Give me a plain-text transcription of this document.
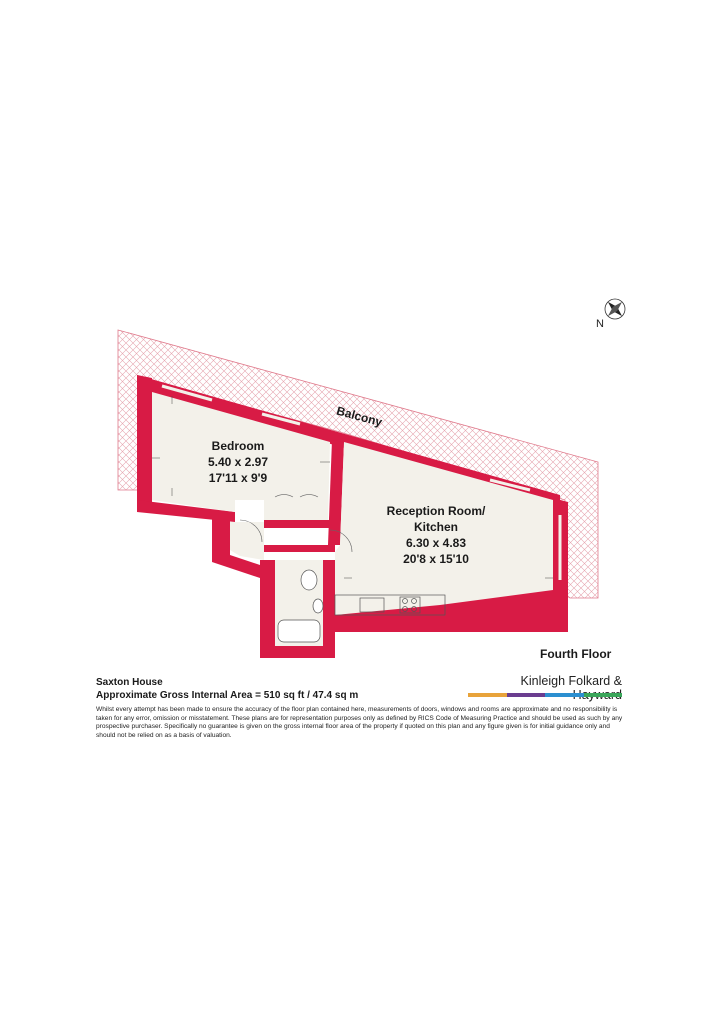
Balcony
Bedroom
5.40 x 2.97
17'11 x 9'9
Reception Room/
Kitchen
6.30 x 4.83
20'8 x 15'10
N
Fourth Floor
Saxton House
Approximate Gross Internal Area = 510 sq ft / 47.4 sq m
Whilst every attempt has been made to ensure the accuracy of the floor plan contained here, measurements of doors, windows and rooms are approximate and no responsibility is taken for any error, omission or misstatement. These plans are for representation purposes only as defined by RICS Code of Measuring Practice and should be used as such by any prospective purchaser. Specifically no guarantee is given on the gross internal floor area of the property if quoted on this plan and any figure given is for initial guidance only and should not be relied on as a basis of valuation.
Kinleigh Folkard &
